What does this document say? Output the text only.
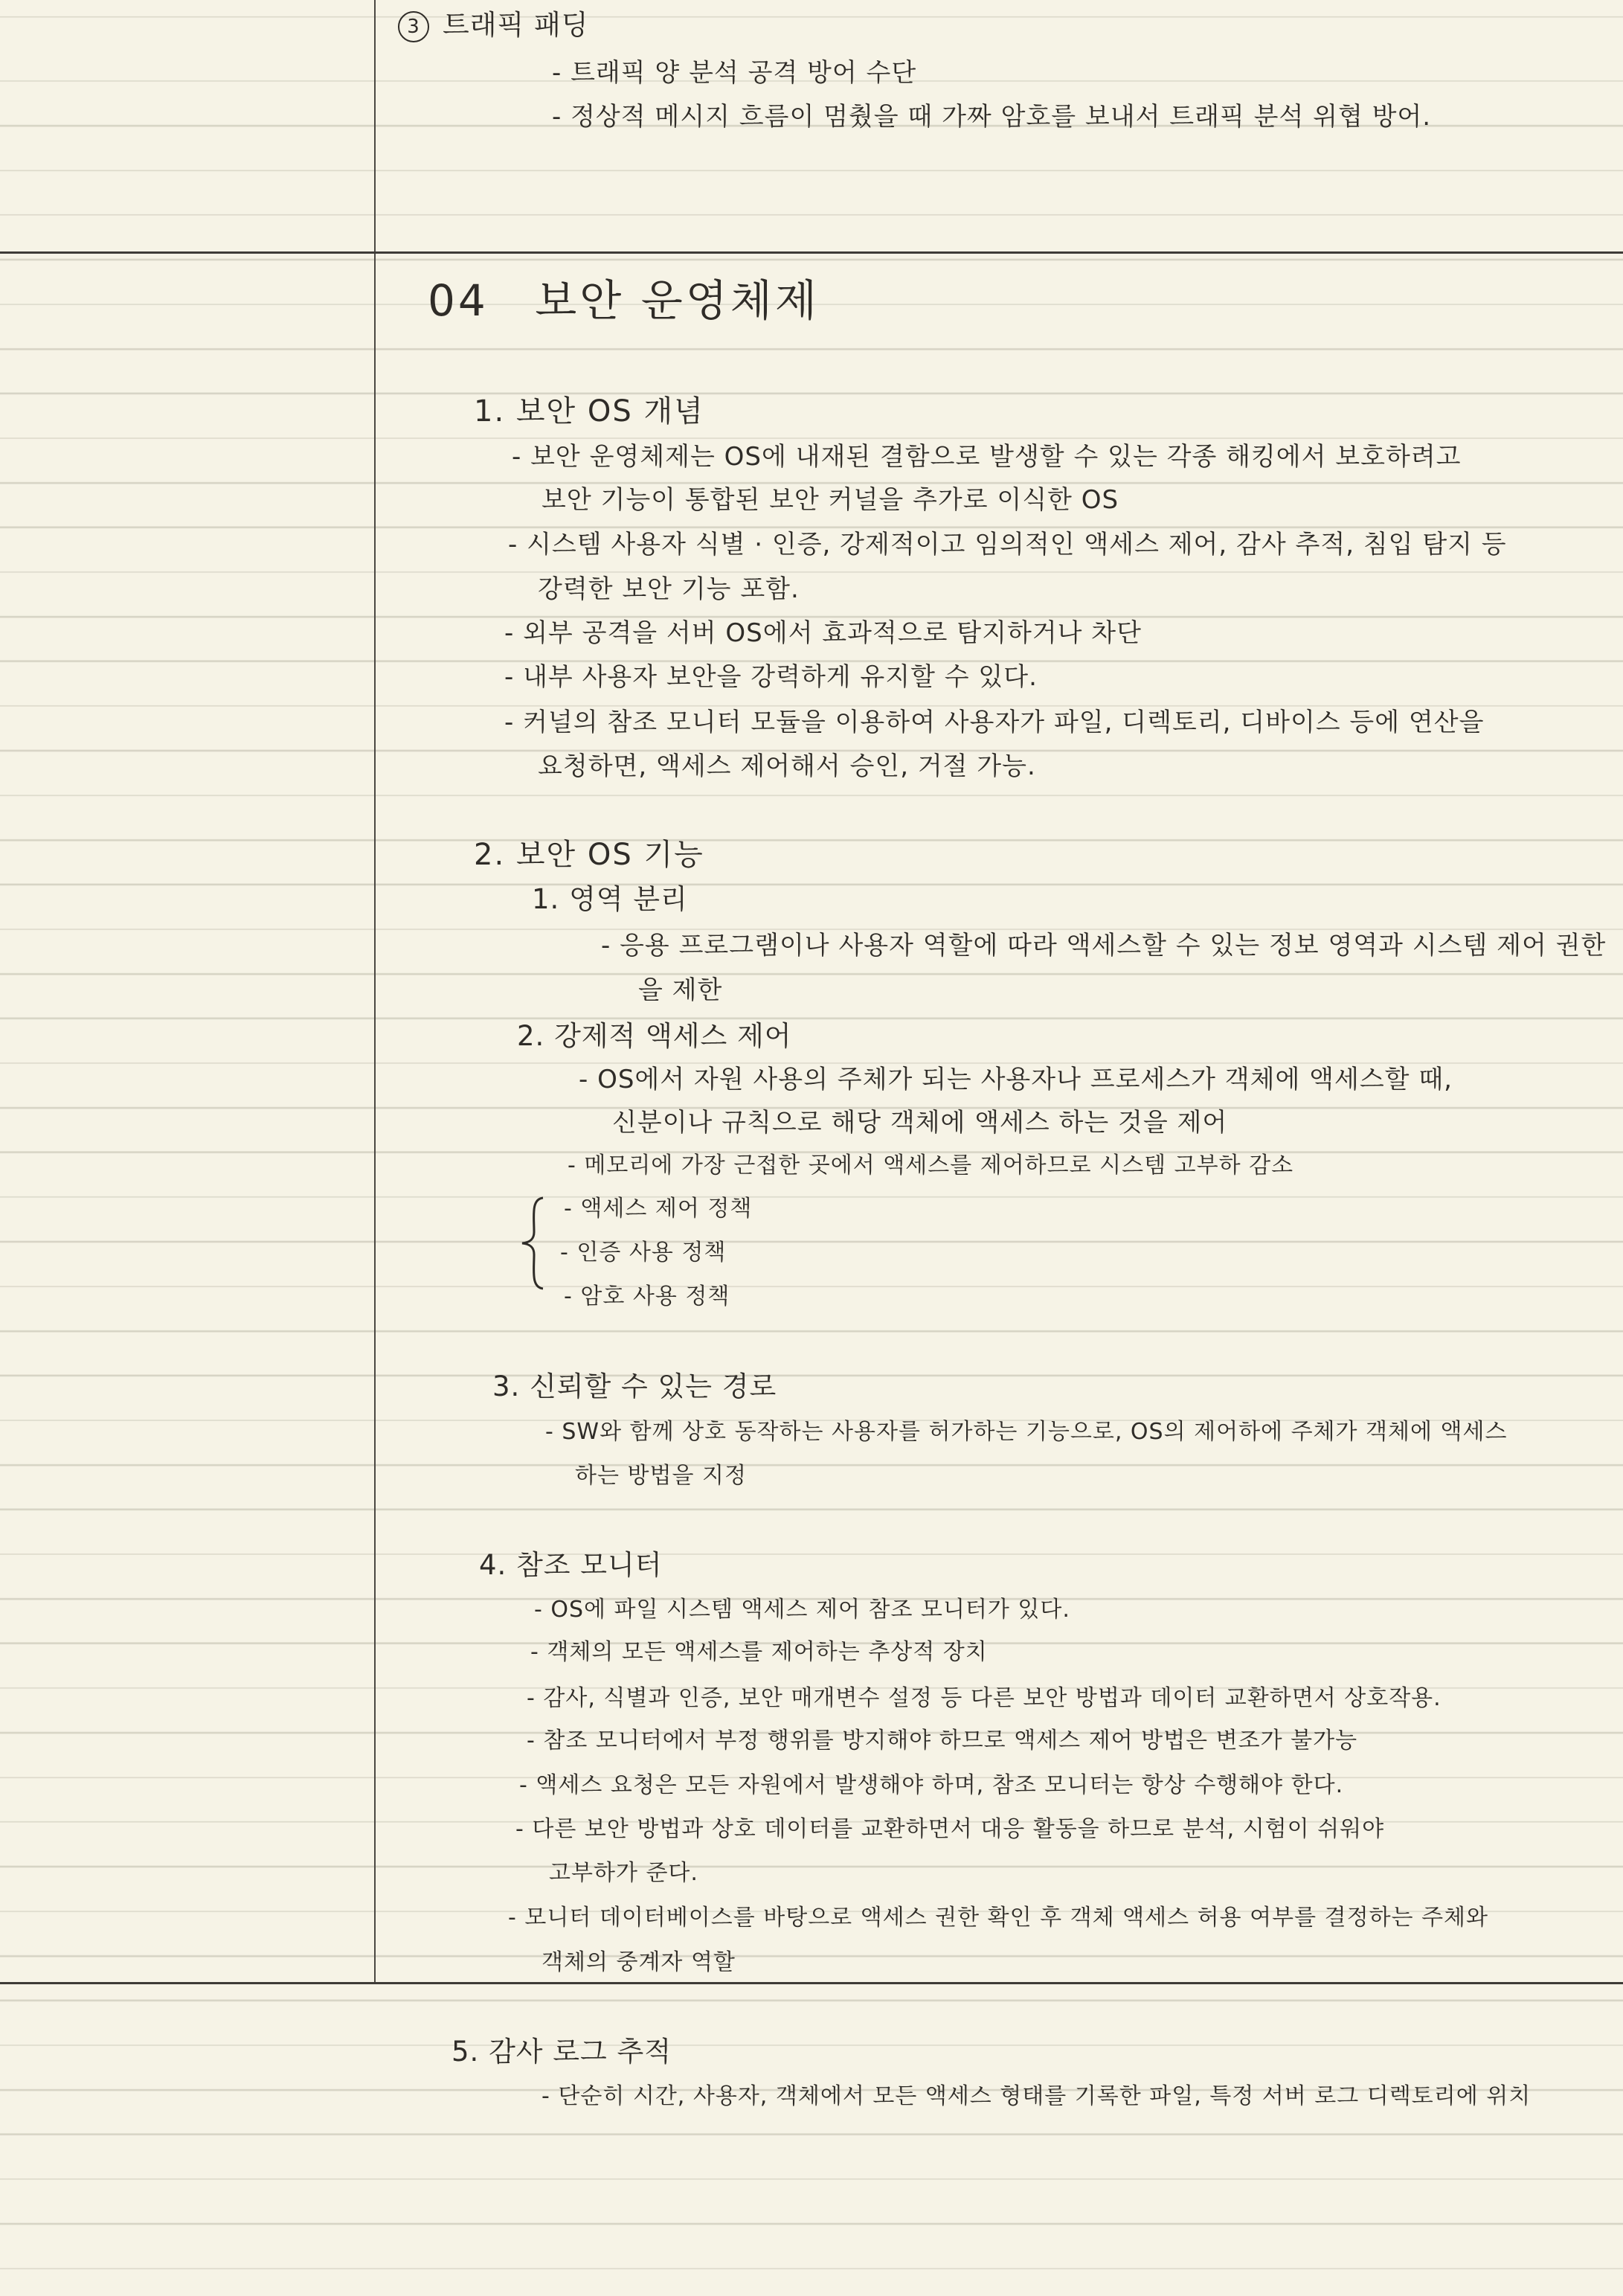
3 트래픽 패딩
- 트래픽 양 분석 공격 방어 수단
- 정상적 메시지 흐름이 멈췄을 때 가짜 암호를 보내서 트래픽 분석 위협 방어.
04 보안 운영체제
1. 보안 OS 개념
- 보안 운영체제는 OS에 내재된 결함으로 발생할 수 있는 각종 해킹에서 보호하려고
보안 기능이 통합된 보안 커널을 추가로 이식한 OS
- 시스템 사용자 식별 · 인증, 강제적이고 임의적인 액세스 제어, 감사 추적, 침입 탐지 등
강력한 보안 기능 포함.
- 외부 공격을 서버 OS에서 효과적으로 탐지하거나 차단
- 내부 사용자 보안을 강력하게 유지할 수 있다.
- 커널의 참조 모니터 모듈을 이용하여 사용자가 파일, 디렉토리, 디바이스 등에 연산을
요청하면, 액세스 제어해서 승인, 거절 가능.
2. 보안 OS 기능
1. 영역 분리
- 응용 프로그램이나 사용자 역할에 따라 액세스할 수 있는 정보 영역과 시스템 제어 권한
을 제한
2. 강제적 액세스 제어
- OS에서 자원 사용의 주체가 되는 사용자나 프로세스가 객체에 액세스할 때,
신분이나 규칙으로 해당 객체에 액세스 하는 것을 제어
- 메모리에 가장 근접한 곳에서 액세스를 제어하므로 시스템 고부하 감소
- 액세스 제어 정책
- 인증 사용 정책
- 암호 사용 정책
3. 신뢰할 수 있는 경로
- SW와 함께 상호 동작하는 사용자를 허가하는 기능으로, OS의 제어하에 주체가 객체에 액세스
하는 방법을 지정
4. 참조 모니터
- OS에 파일 시스템 액세스 제어 참조 모니터가 있다.
- 객체의 모든 액세스를 제어하는 추상적 장치
- 감사, 식별과 인증, 보안 매개변수 설정 등 다른 보안 방법과 데이터 교환하면서 상호작용.
- 참조 모니터에서 부정 행위를 방지해야 하므로 액세스 제어 방법은 변조가 불가능
- 액세스 요청은 모든 자원에서 발생해야 하며, 참조 모니터는 항상 수행해야 한다.
- 다른 보안 방법과 상호 데이터를 교환하면서 대응 활동을 하므로 분석, 시험이 쉬워야
고부하가 준다.
- 모니터 데이터베이스를 바탕으로 액세스 권한 확인 후 객체 액세스 허용 여부를 결정하는 주체와
객체의 중계자 역할
5. 감사 로그 추적
- 단순히 시간, 사용자, 객체에서 모든 액세스 형태를 기록한 파일, 특정 서버 로그 디렉토리에 위치
